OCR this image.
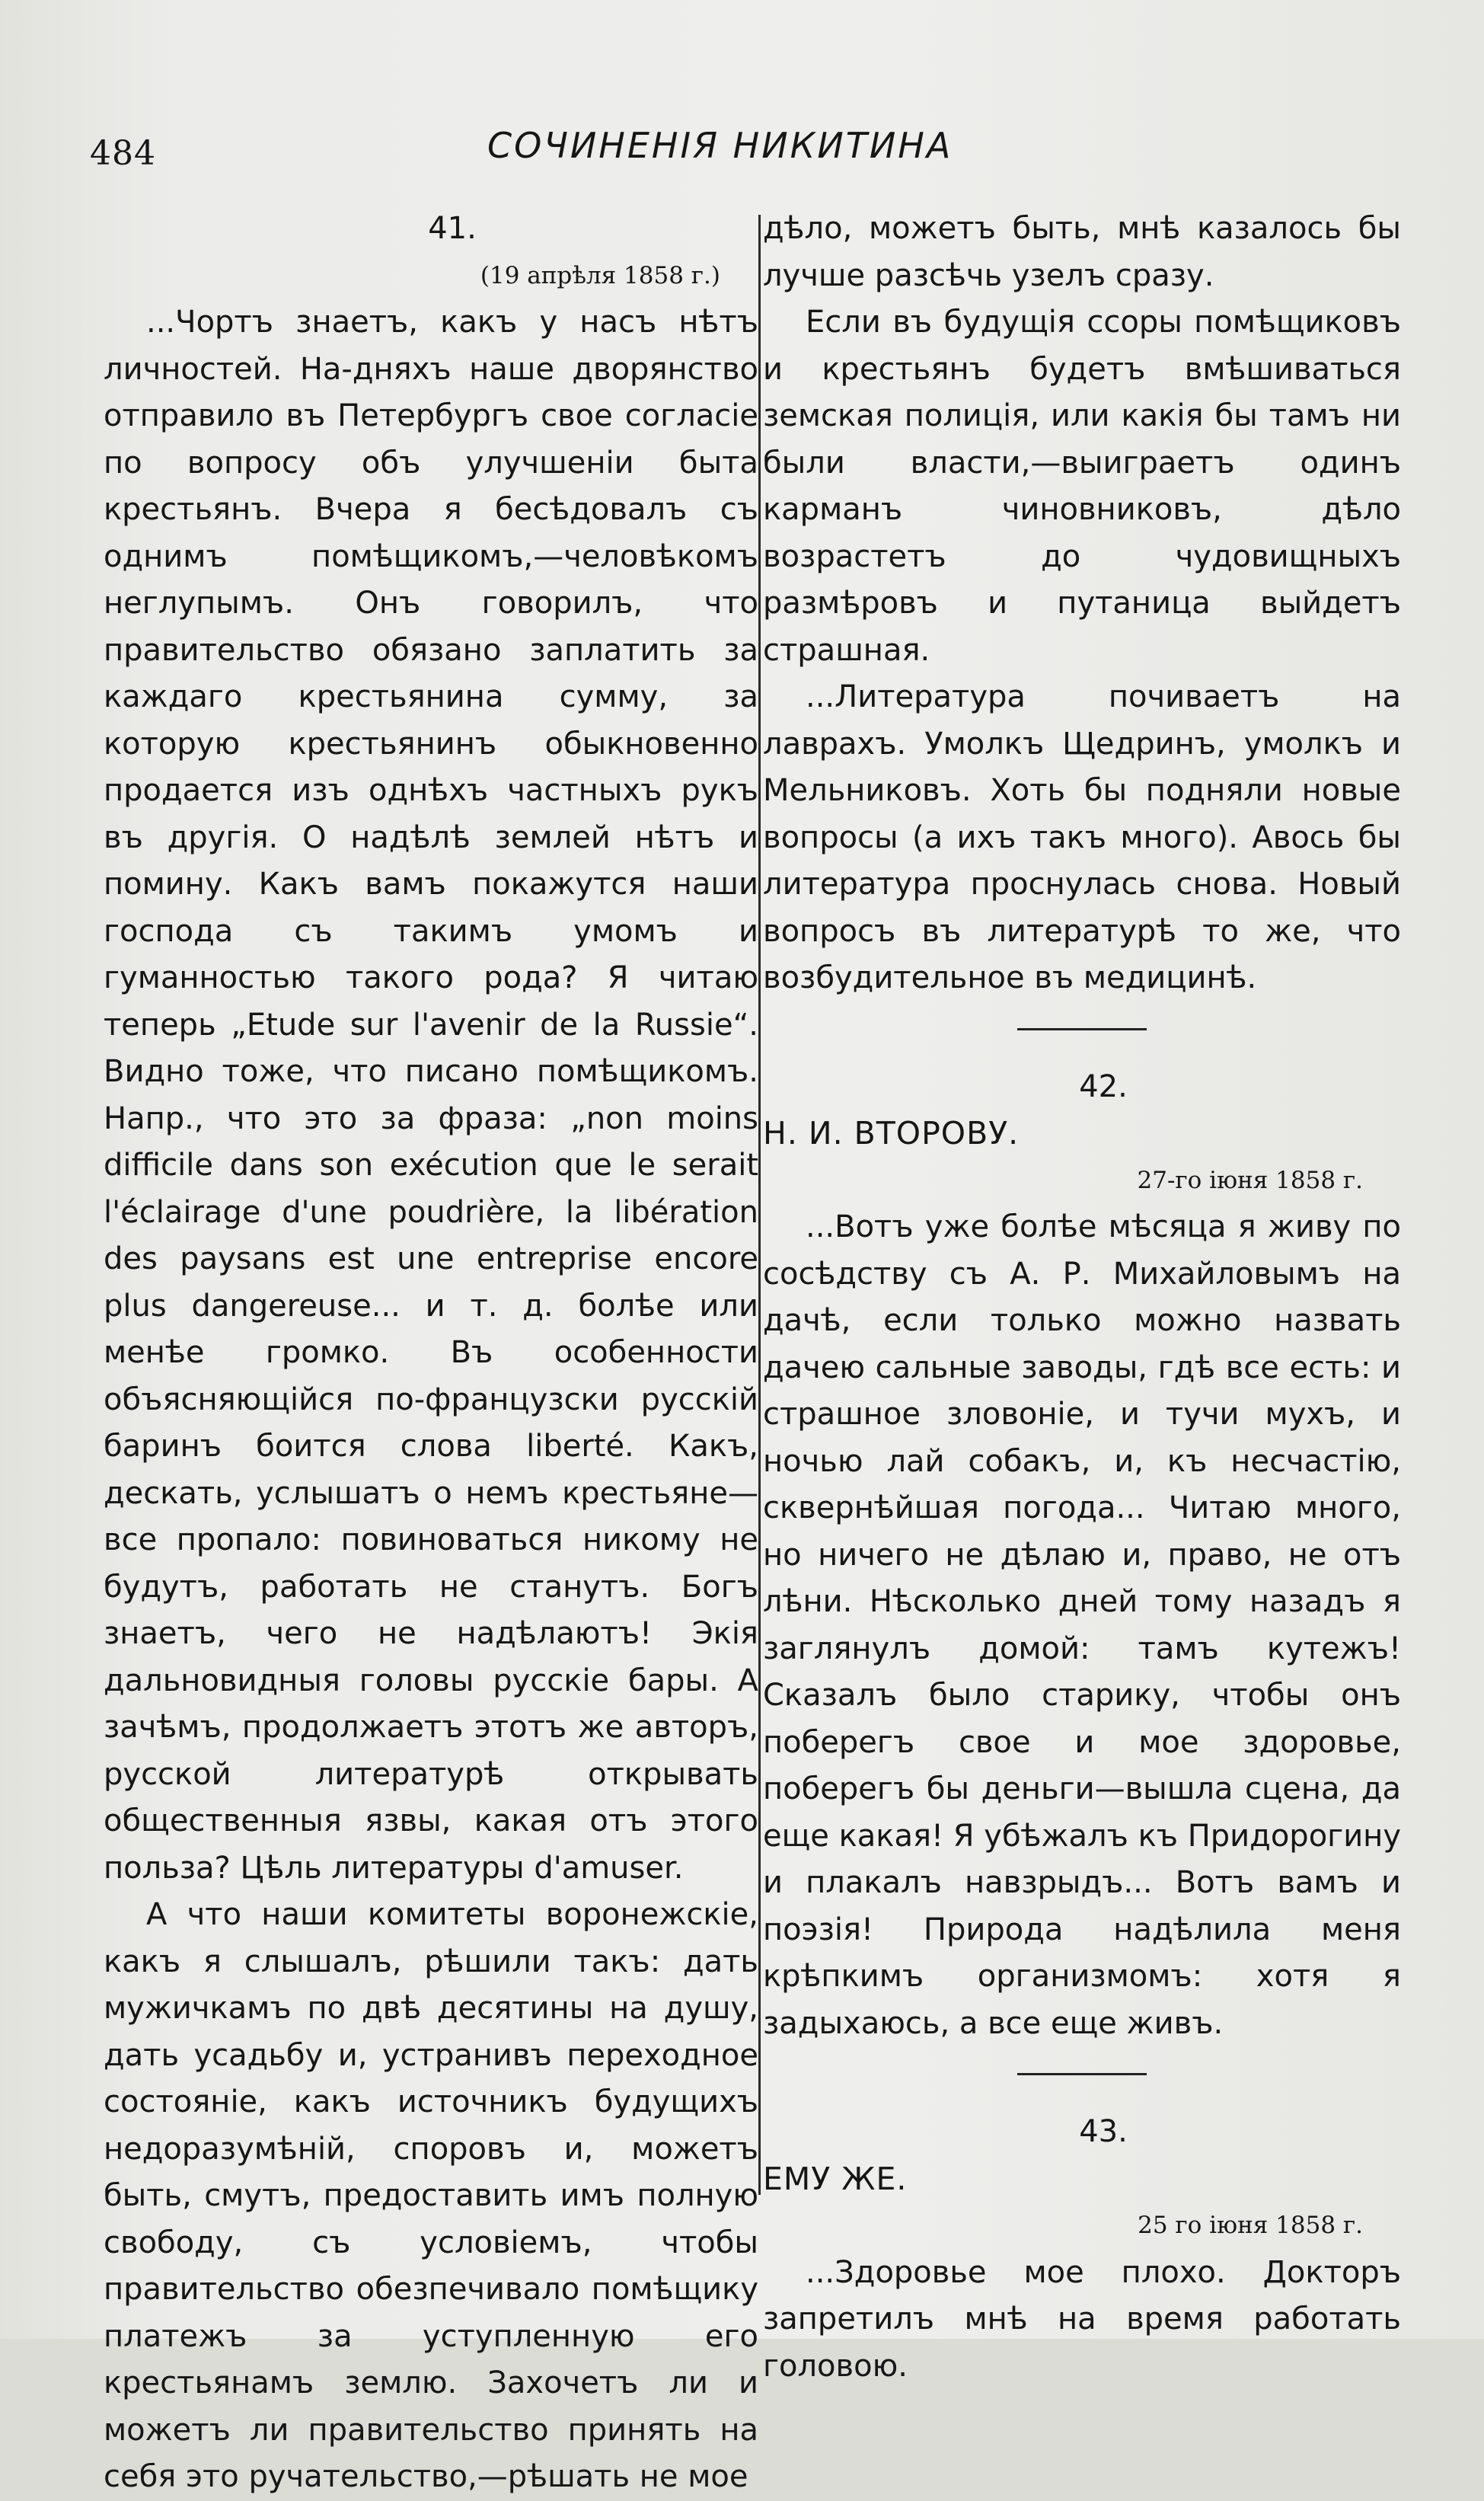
484	СОЧИНЕНІЯ НИКИТИНА

41.

(19 апрѣля 1858 г.)

...Чортъ знаетъ, какъ у насъ нѣтъ личностей. На-дняхъ наше дворянство отправило въ Петербургъ свое согласіе по вопросу объ улучшеніи быта крестьянъ. Вчера я бесѣдовалъ съ однимъ помѣщикомъ,—человѣкомъ неглупымъ. Онъ говорилъ, что правительство обязано заплатить за каждаго крестьянина сумму, за которую крестьянинъ обыкновенно продается изъ однѣхъ частныхъ рукъ въ другія. О надѣлѣ землей нѣтъ и помину. Какъ вамъ покажутся наши господа съ такимъ умомъ и гуманностью такого рода? Я читаю теперь „Etude sur l'avenir de la Russie“. Видно тоже, что писано помѣщикомъ. Напр., что это за фраза: „non moins difficile dans son exécution que le serait l'éclairage d'une poudrière, la libération des paysans est une entreprise encore plus dangereuse... и т. д. болѣе или менѣе громко. Въ особенности объясняющійся по-французски русскій баринъ боится слова liberté. Какъ, дескать, услышатъ о немъ крестьяне—все пропало: повиноваться никому не будутъ, работать не станутъ. Богъ знаетъ, чего не надѣлаютъ! Экія дальновидныя головы русскіе бары. А зачѣмъ, продолжаетъ этотъ же авторъ, русской литературѣ открывать общественныя язвы, какая отъ этого польза? Цѣль литературы d'amuser.

А что наши комитеты воронежскіе, какъ я слышалъ, рѣшили такъ: дать мужичкамъ по двѣ десятины на душу, дать усадьбу и, устранивъ переходное состояніе, какъ источникъ будущихъ недоразумѣній, споровъ и, можетъ быть, смутъ, предоставить имъ полную свободу, съ условіемъ, чтобы правительство обезпечивало помѣщику платежъ за уступленную его крестьянамъ землю. Захочетъ ли и можетъ ли правительство принять на себя это ручательство,—рѣшать не мое

дѣло, можетъ быть, мнѣ казалось бы лучше разсѣчь узелъ сразу.

Если въ будущія ссоры помѣщиковъ и крестьянъ будетъ вмѣшиваться земская полиція, или какія бы тамъ ни были власти,—выиграетъ одинъ карманъ чиновниковъ, дѣло возрастетъ до чудовищныхъ размѣровъ и путаница выйдетъ страшная.

...Литература почиваетъ на лаврахъ. Умолкъ Щедринъ, умолкъ и Мельниковъ. Хоть бы подняли новые вопросы (а ихъ такъ много). Авось бы литература проснулась снова. Новый вопросъ въ литературѣ то же, что возбудительное въ медицинѣ.

42.

Н. И. ВТОРОВУ.

27-го іюня 1858 г.

...Вотъ уже болѣе мѣсяца я живу по сосѣдству съ А. Р. Михайловымъ на дачѣ, если только можно назвать дачею сальные заводы, гдѣ все есть: и страшное зловоніе, и тучи мухъ, и ночью лай собакъ, и, къ несчастію, сквернѣйшая погода... Читаю много, но ничего не дѣлаю и, право, не отъ лѣни. Нѣсколько дней тому назадъ я заглянулъ домой: тамъ кутежъ! Сказалъ было старику, чтобы онъ поберегъ свое и мое здоровье, поберегъ бы деньги—вышла сцена, да еще какая! Я убѣжалъ къ Придорогину и плакалъ навзрыдъ... Вотъ вамъ и поэзія! Природа надѣлила меня крѣпкимъ организмомъ: хотя я задыхаюсь, а все еще живъ.

43.

ЕМУ ЖЕ.

25 го іюня 1858 г.

...Здоровье мое плохо. Докторъ запретилъ мнѣ на время работать головою.
